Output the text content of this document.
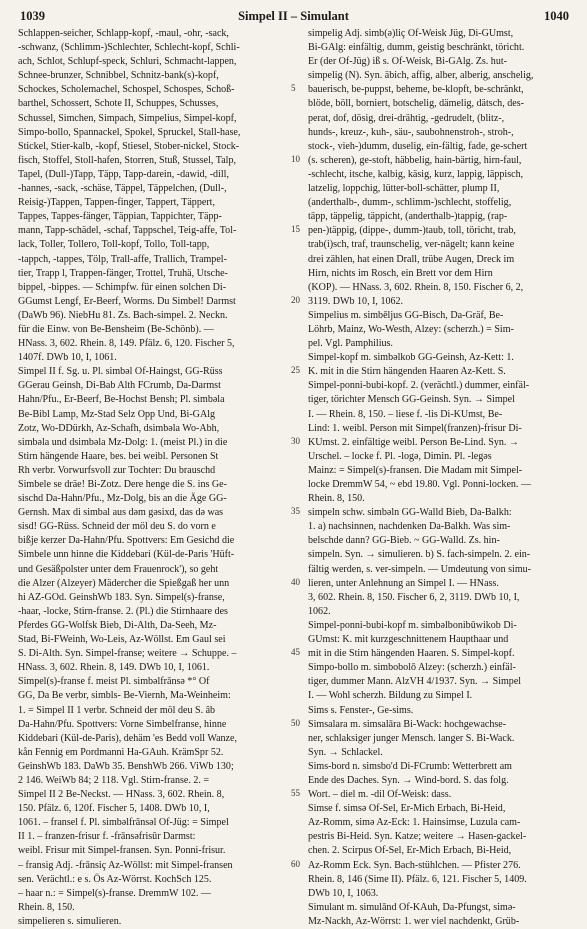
1039	Simpel II – Simulant	1040
Schlappen-seicher, Schlapp-kopf, -maul, -ohr, -sack,
-schwanz, (Schlimm-)Schlechter, Schlecht-kopf, Schli-
ach, Schlot, Schlupf-speck, Schluri, Schmacht-lappen,
Schnee-brunzer, Schnibbel, Schnitz-bank(s)-kopf,
Schockes, Scholemachel, Schospel, Schospes, Schoß-
barthel, Schossert, Schote II, Schuppes, Schusses,
Schussel, Simchen, Simpach, Simpelius, Simpel-kopf,
Simpo-bollo, Spannackel, Spokel, Spruckel, Stall-hase,
Stickel, Stier-kalb, -kopf, Stiesel, Stober-nickel, Stock-
fisch, Stoffel, Stoll-hafen, Storren, Stuß, Stussel, Talp,
Tapel, (Dull-)Tapp, Täpp, Tapp-darein, -dawid, -dill,
-hannes, -sack, -schäse, Täppel, Täppelchen, (Dull-,
Reisig-)Tappen, Tappen-finger, Tappert, Täppert,
Tappes, Tappes-fänger, Täppian, Tappichter, Täpp-
mann, Tapp-schädel, -schaf, Tappschel, Teig-affe, Tol-
lack, Toller, Tollero, Toll-kopf, Tollo, Toll-tapp,
-tappch, -tappes, Tölp, Trall-affe, Trallich, Trampel-
tier, Trapp l, Trappen-fänger, Trottel, Truhä, Utsche-
bippel, -bippes. — Schimpfw. für einen solchen Di-
GGumst Lengf, Er-Beerf, Worms. Du Simbel! Darmst
(DaWb 96). NiebHu 81. Zs. Bach-simpel. 2. Neckn.
für die Einw. von Be-Bensheim (Be-Schönb). —
HNass. 3, 602. Rhein. 8, 149. Pfälz. 6, 120. Fischer 5,
1407f. DWb 10, I, 1061.
Simpel II f. Sg. u. Pl. simbəl Of-Haingst, GG-Rüss
GGerau Geinsh, Di-Bab Alth FCrumb, Da-Darmst
Hahn/Pfu., Er-Beerf, Be-Hochst Bensh; Pl. simbəla
Be-Bibl Lamp, Mz-Stad Selz Opp Und, Bi-GAlg
Zotz, Wo-DDürkh, Az-Schafh, dsimbəla Wo-Abh,
simbəla und dsimbəla Mz-Dolg: 1. (meist Pl.) in die
Stirn hängende Haare, bes. bei weibl. Personen St
Rh verbr. Vorwurfsvoll zur Tochter: Du brauschd
Simbele se dräe! Bi-Zotz. Dere henge die S. ins Ge-
sischd Da-Hahn/Pfu., Mz-Dolg, bis an die Äge GG-
Gernsh. Max di simbal aus dəm gəsixd, das də was
sisd! GG-Rüss. Schneid der möl deu S. do vorn e
bißje kerzer Da-Hahn/Pfu. Spottvers: Em Gesichd die
Simbele unn hinne die Kiddebari (Kül-de-Paris 'Hüft-
und Gesäßpolster unter dem Frauenrock'), so geht
die Alzer (Alzeyer) Mädercher die Spießgaß her unn
hi AZ-GOd. GeinshWb 183. Syn. Simpel(s)-franse,
-haar, -locke, Stirn-franse. 2. (Pl.) die Stirnhaare des
Pferdes GG-Wolfsk Bieb, Di-Alth, Da-Seeh, Mz-
Stad, Bi-FWeinh, Wo-Leis, Az-Wöllst. Em Gaul sei
S. Di-Alth. Syn. Simpel-franse; weitere → Schuppe. –
HNass. 3, 602. Rhein. 8, 149. DWb 10, I, 1061.
Simpel(s)-franse f. meist Pl. simbəlfrānsə *° Of
GG, Da Be verbr, simbls- Be-Viernh, Ma-Weinheim:
1. = Simpel II 1 verbr. Schneid der möl deu S. âb
Da-Hahn/Pfu. Spottvers: Vorne Simbelfranse, hinne
Kiddebari (Kül-de-Paris), dehäm 'es Bedd voll Wanze,
kån Fennig em Pordmanni Ha-GAuh. KrämSpr 52.
GeinshWb 183. DaWb 35. BenshWb 266. ViWb 130;
2 146. WeiWb 84; 2 118. Vgl. Stirn-franse. 2. =
Simpel II 2 Be-Neckst. — HNass. 3, 602. Rhein. 8,
150. Pfälz. 6, 120f. Fischer 5, 1408. DWb 10, I,
1061. – fransel f. Pl. simbəlfrānsəl Of-Jüg: = Simpel
II 1. – franzen-frisur f. -frānsəfrisūr Darmst:
weibl. Frisur mit Simpel-fransen. Syn. Ponni-frisur.
– fransig Adj. -frānsiç Az-Wöllst: mit Simpel-fransen
sen. Verächtl.: e s. Ös Az-Wörrst. KochSch 125.
– haar n.: = Simpel(s)-franse. DremmW 102. —
Rhein. 8, 150.
simpelieren s. simulieren.
5
10
15
20
25
30
35
40
45
50
55
60
simpelig Adj. simb(ə)liç Of-Weisk Jüg, Di-GUmst,
Bi-GAlg: einfältig, dumm, geistig beschränkt, töricht.
Er (der Of-Jüg) iß s. Of-Weisk, Bi-GAlg. Zs. hut-
simpelig (N). Syn. äbich, affig, alber, alberig, anschelig,
bauerisch, be-puppst, beheme, be-klopft, be-schränkt,
blöde, böll, borniert, botschelig, dämelig, dätsch, des-
perat, dof, dösig, drei-drähtig, -gedrudelt, (blitz-,
hunds-, kreuz-, kuh-, säu-, saubohnenstroh-, stroh-,
stock-, vieh-)dumm, duselig, ein-fältig, fade, ge-schert
(s. scheren), ge-stoft, häbbelig, hain-bärtig, hirn-faul,
-schlecht, itsche, kalbig, käsig, kurz, lappig, läppisch,
latzelig, loppchig, lütter-boll-schätter, plump II,
(anderthalb-, dumm-, schlimm-)schlecht, stoffelig,
täpp, täppelig, täppicht, (anderthalb-)tappig, (rap-
pen-)täppig, (dippe-, dumm-)taub, toll, töricht, trab,
trab(i)sch, traf, traunschelig, ver-nägelt; kann keine
drei zählen, hat einen Drall, trübe Augen, Dreck im
Hirn, nichts im Rosch, ein Brett vor dem Hirn
(KOP). — HNass. 3, 602. Rhein. 8, 150. Fischer 6, 2,
3119. DWb 10, I, 1062.
Simpelius m. simbēljus GG-Bisch, Da-Gräf, Be-
Löhrb, Mainz, Wo-Westh, Alzey: (scherzh.) = Sim-
pel. Vgl. Pamphilius.
Simpel-kopf m. simbəlkob GG-Geinsh, Az-Kett: 1.
K. mit in die Stirn hängenden Haaren Az-Kett. S.
Simpel-ponni-bubi-kopf. 2. (verächtl.) dummer, einfäl-
tiger, törichter Mensch GG-Geinsh. Syn. → Simpel
I. — Rhein. 8, 150. – liese f. -lis Di-KUmst, Be-
Lind: 1. weibl. Person mit Simpel(franzen)-frisur Di-
KUmst. 2. einfältige weibl. Person Be-Lind. Syn. →
Urschel. – locke f. Pl. -logə, Dimin. Pl. -legəs
Mainz: = Simpel(s)-fransen. Die Madam mit Simpel-
locke DremmW 54, ~ ebd 19.80. Vgl. Ponni-locken. —
Rhein. 8, 150.
simpeln schw. simbəln GG-Walld Bieb, Da-Balkh:
1. a) nachsinnen, nachdenken Da-Balkh. Was sim-
belschde dann? GG-Bieb. ~ GG-Walld. Zs. hin-
simpeln. Syn. → simulieren. b) S. fach-simpeln. 2. ein-
fältig werden, s. ver-simpeln. — Umdeutung von simu-
lieren, unter Anlehnung an Simpel I. — HNass.
3, 602. Rhein. 8, 150. Fischer 6, 2, 3119. DWb 10, I,
1062.
Simpel-ponni-bubi-kopf m. simbəlbonibūwikob Di-
GUmst: K. mit kurzgeschnittenem Haupthaar und
mit in die Stirn hängenden Haaren. S. Simpel-kopf.
Simpo-bollo m. simbobolō Alzey: (scherzh.) einfäl-
tiger, dummer Mann. AlzVH 4/1937. Syn. → Simpel
I. — Wohl scherzh. Bildung zu Simpel I.
Sims s. Fenster-, Ge-sims.
Simsalara m. simsalāra Bi-Wack: hochgewachse-
ner, schlaksiger junger Mensch. langer S. Bi-Wack.
Syn. → Schlackel.
Sims-bord n. simsbo'd Di-FCrumb: Wetterbrett am
Ende des Daches. Syn. → Wind-bord. S. das folg.
Wort. – diel m. -dil Of-Weisk: dass.
Simse f. simsə Of-Sel, Er-Mich Erbach, Bi-Heid,
Az-Romm, simə Az-Eck: 1. Hainsimse, Luzula cam-
pestris Bi-Heid. Syn. Katze; weitere → Hasen-gackel-
chen. 2. Scirpus Of-Sel, Er-Mich Erbach, Bi-Heid,
Az-Romm Eck. Syn. Bach-stühlchen. — Pfister 276.
Rhein. 8, 146 (Sime II). Pfälz. 6, 121. Fischer 5, 1409.
DWb 10, I, 1063.
Simulant m. simulānd Of-KAuh, Da-Pfungst, simə-
Mz-Nackh, Az-Wörrst: 1. wer viel nachdenkt, Grüb-
